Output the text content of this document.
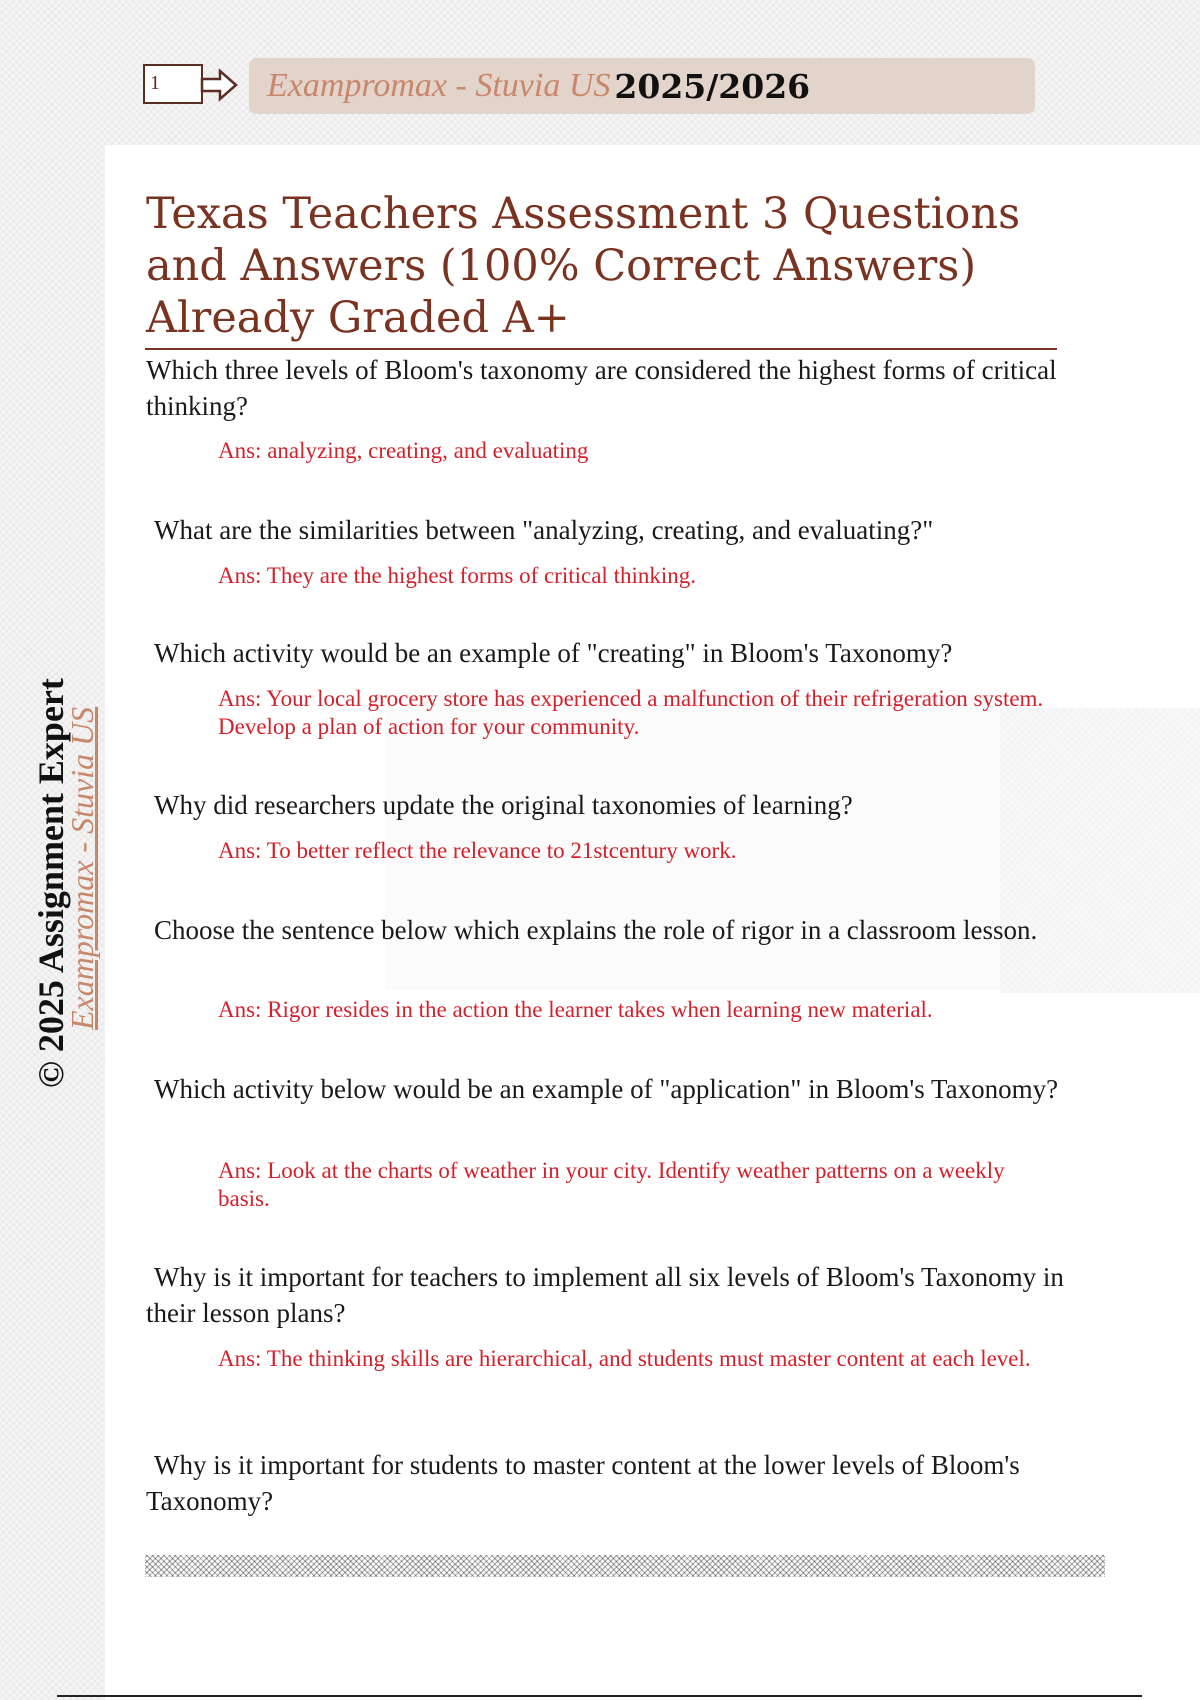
1	Exampromax - Stuvia US 2025/2026
© 2025 Assignment Expert
Exampromax - Stuvia US
Texas Teachers Assessment 3 Questions and Answers (100% Correct Answers) Already Graded A+

Which three levels of Bloom's taxonomy are considered the highest forms of critical thinking?

Ans: analyzing, creating, and evaluating

What are the similarities between "analyzing, creating, and evaluating?"

Ans: They are the highest forms of critical thinking.

Which activity would be an example of "creating" in Bloom's Taxonomy?

Ans: Your local grocery store has experienced a malfunction of their refrigeration system. Develop a plan of action for your community.

Why did researchers update the original taxonomies of learning?

Ans: To better reflect the relevance to 21stcentury work.

Choose the sentence below which explains the role of rigor in a classroom lesson.

Ans: Rigor resides in the action the learner takes when learning new material.

Which activity below would be an example of "application" in Bloom's Taxonomy?

Ans: Look at the charts of weather in your city. Identify weather patterns on a weekly basis.

Why is it important for teachers to implement all six levels of Bloom's Taxonomy in their lesson plans?

Ans: The thinking skills are hierarchical, and students must master content at each level.

Why is it important for students to master content at the lower levels of Bloom's Taxonomy?
